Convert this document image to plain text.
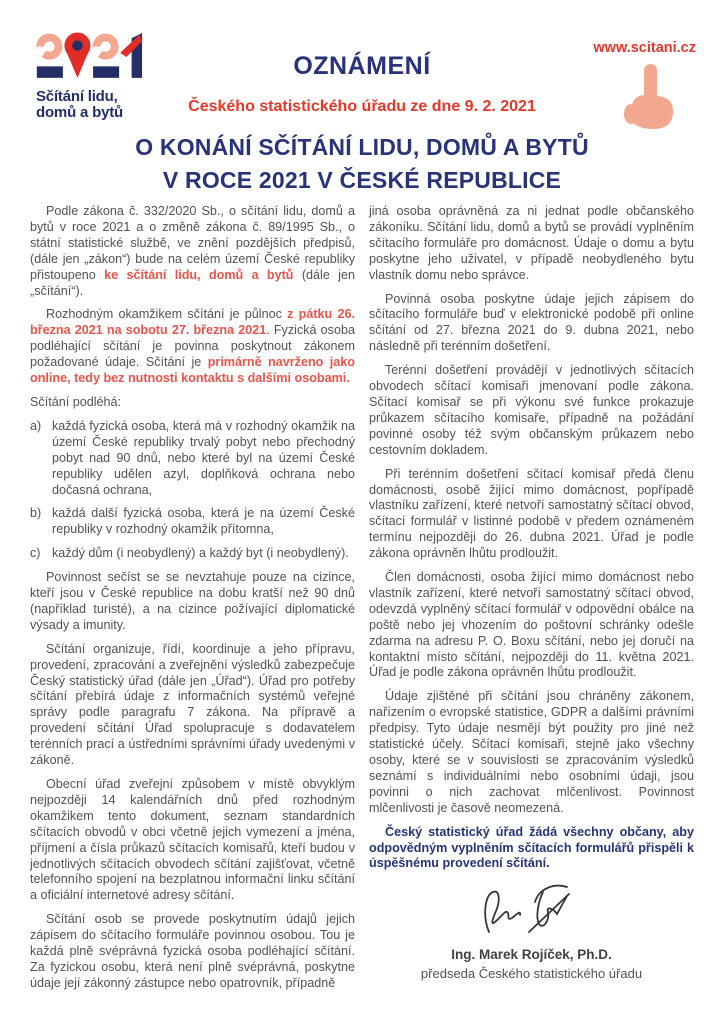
Sčítání lidu,
domů a bytů
www.scitani.cz
OZNÁMENÍ
Českého statistického úřadu ze dne 9. 2. 2021
O KONÁNÍ SČÍTÁNÍ LIDU, DOMŮ A BYTŮ
V ROCE 2021 V ČESKÉ REPUBLICE

Podle zákona č. 332/2020 Sb., o sčítání lidu, domů a bytů v roce 2021 a o změně zákona č. 89/1995 Sb., o státní statistické službě, ve znění pozdějších předpisů, (dále jen „zákon“) bude na celém území České republiky přistoupeno ke sčítání lidu, domů a bytů (dále jen „sčítání“).

Rozhodným okamžikem sčítání je půlnoc z pátku 26. března 2021 na sobotu 27. března 2021. Fyzická osoba podléhající sčítání je povinna poskytnout zákonem požadované údaje. Sčítání je primárně navrženo jako online, tedy bez nutnosti kontaktu s dalšími osobami.

Sčítání podléhá:

a) každá fyzická osoba, která má v rozhodný okamžik na území České republiky trvalý pobyt nebo přechodný pobyt nad 90 dnů, nebo které byl na území České republiky udělen azyl, doplňková ochrana nebo dočasná ochrana,
b) každá další fyzická osoba, která je na území České republiky v rozhodný okamžik přítomna,
c) každý dům (i neobydlený) a každý byt (i neobydlený).

Povinnost sečíst se se nevztahuje pouze na cizince, kteří jsou v České republice na dobu kratší než 90 dnů (například turisté), a na cizince požívající diplomatické výsady a imunity.

Sčítání organizuje, řídí, koordinuje a jeho přípravu, provedení, zpracování a zveřejnění výsledků zabezpečuje Český statistický úřad (dále jen „Úřad“). Úřad pro potřeby sčítání přebírá údaje z informačních systémů veřejné správy podle paragrafu 7 zákona. Na přípravě a provedení sčítání Úřad spolupracuje s dodavatelem terénních prací a ústředními správními úřady uvedenými v zákoně.

Obecní úřad zveřejní způsobem v místě obvyklým nejpozději 14 kalendářních dnů před rozhodným okamžikem tento dokument, seznam standardních sčítacích obvodů v obci včetně jejich vymezení a jména, příjmení a čísla průkazů sčítacích komisařů, kteří budou v jednotlivých sčítacích obvodech sčítání zajišťovat, včetně telefonního spojení na bezplatnou informační linku sčítání a oficiální internetové adresy sčítání.

Sčítání osob se provede poskytnutím údajů jejich zápisem do sčítacího formuláře povinnou osobou. Tou je každá plně svéprávná fyzická osoba podléhající sčítání. Za fyzickou osobu, která není plně svéprávná, poskytne údaje její zákonný zástupce nebo opatrovník, případně

jiná osoba oprávněná za ni jednat podle občanského zákoníku. Sčítání lidu, domů a bytů se provádí vyplněním sčítacího formuláře pro domácnost. Údaje o domu a bytu poskytne jeho uživatel, v případě neobydleného bytu vlastník domu nebo správce.

Povinná osoba poskytne údaje jejich zápisem do sčítacího formuláře buď v elektronické podobě při online sčítání od 27. března 2021 do 9. dubna 2021, nebo následně při terénním došetření.

Terénní došetření provádějí v jednotlivých sčítacích obvodech sčítací komisaři jmenovaní podle zákona. Sčítací komisař se při výkonu své funkce prokazuje průkazem sčítacího komisaře, případně na požádání povinné osoby též svým občanským průkazem nebo cestovním dokladem.

Při terénním došetření sčítací komisař předá členu domácnosti, osobě žijící mimo domácnost, popřípadě vlastníku zařízení, které netvoří samostatný sčítací obvod, sčítací formulář v listinné podobě v předem oznámeném termínu nejpozději do 26. dubna 2021. Úřad je podle zákona oprávněn lhůtu prodloužit.

Člen domácnosti, osoba žijící mimo domácnost nebo vlastník zařízení, které netvoří samostatný sčítací obvod, odevzdá vyplněný sčítací formulář v odpovědní obálce na poště nebo jej vhozením do poštovní schránky odešle zdarma na adresu P. O. Boxu sčítání, nebo jej doručí na kontaktní místo sčítání, nejpozději do 11. května 2021. Úřad je podle zákona oprávněn lhůtu prodloužit.

Údaje zjištěné při sčítání jsou chráněny zákonem, nařízením o evropské statistice, GDPR a dalšími právními předpisy. Tyto údaje nesmějí být použity pro jiné než statistické účely. Sčítací komisaři, stejně jako všechny osoby, které se v souvislosti se zpracováním výsledků seznámí s individuálními nebo osobními údaji, jsou povinni o nich zachovat mlčenlivost. Povinnost mlčenlivosti je časově neomezená.

Český statistický úřad žádá všechny občany, aby odpovědným vyplněním sčítacích formulářů přispěli k úspěšnému provedení sčítání.

Ing. Marek Rojíček, Ph.D.
předseda Českého statistického úřadu
